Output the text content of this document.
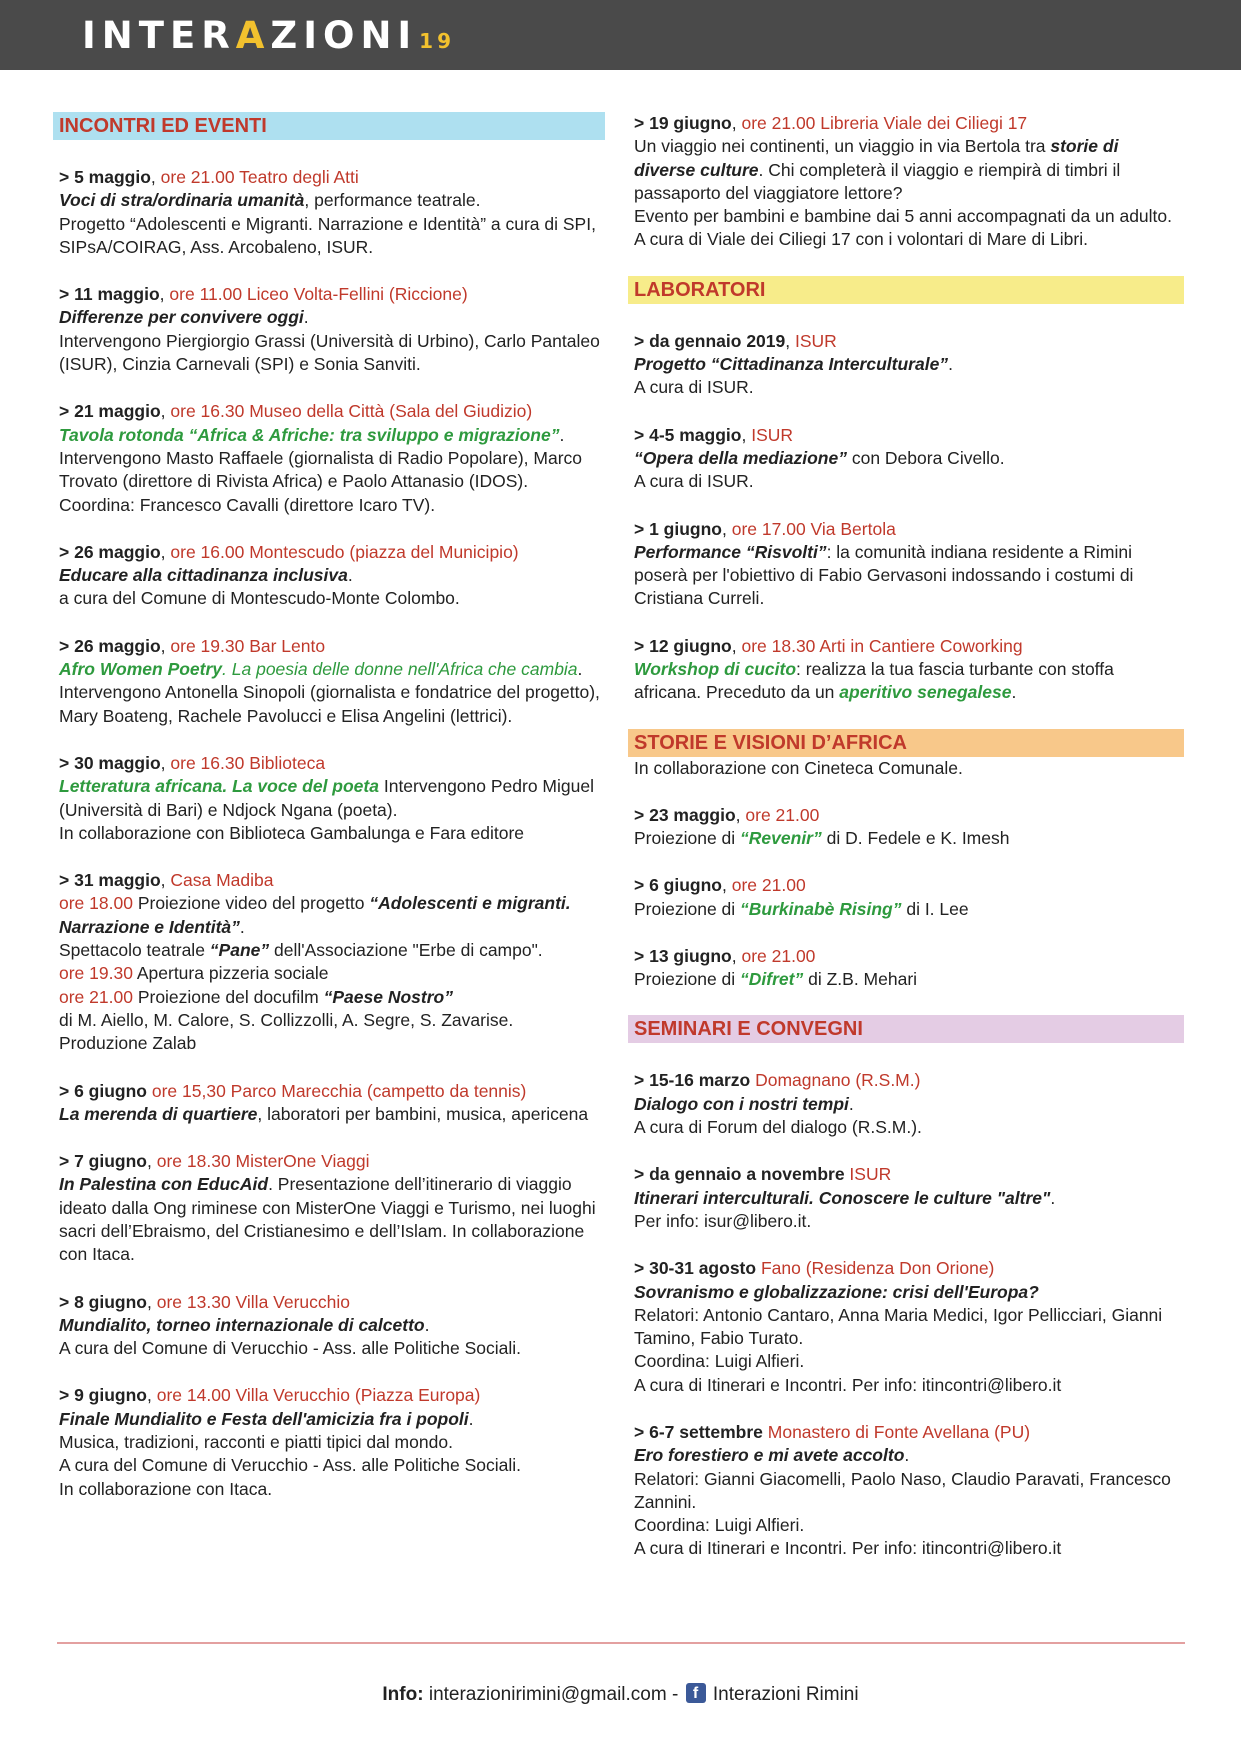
INTERAZIONI 19
INCONTRI ED EVENTI

> 5 maggio, ore 21.00 Teatro degli Atti

Voci di stra/ordinaria umanità, performance teatrale.

Progetto “Adolescenti e Migranti. Narrazione e Identità” a cura di SPI, SIPsA/COIRAG, Ass. Arcobaleno, ISUR.

> 11 maggio, ore 11.00 Liceo Volta-Fellini (Riccione)

Differenze per convivere oggi.

Intervengono Piergiorgio Grassi (Università di Urbino), Carlo Pantaleo (ISUR), Cinzia Carnevali (SPI) e Sonia Sanviti.

> 21 maggio, ore 16.30 Museo della Città (Sala del Giudizio)

Tavola rotonda “Africa & Afriche: tra sviluppo e migrazione”. Intervengono Masto Raffaele (giornalista di Radio Popolare), Marco Trovato (direttore di Rivista Africa) e Paolo Attanasio (IDOS).

Coordina: Francesco Cavalli (direttore Icaro TV).

> 26 maggio, ore 16.00 Montescudo (piazza del Municipio)

Educare alla cittadinanza inclusiva.

a cura del Comune di Montescudo-Monte Colombo.

> 26 maggio, ore 19.30 Bar Lento

Afro Women Poetry. La poesia delle donne nell'Africa che cambia. Intervengono Antonella Sinopoli (giornalista e fondatrice del progetto), Mary Boateng, Rachele Pavolucci e Elisa Angelini (lettrici).

> 30 maggio, ore 16.30 Biblioteca

Letteratura africana. La voce del poeta Intervengono Pedro Miguel (Università di Bari) e Ndjock Ngana (poeta).

In collaborazione con Biblioteca Gambalunga e Fara editore

> 31 maggio, Casa Madiba

ore 18.00 Proiezione video del progetto “Adolescenti e migranti. Narrazione e Identità”.

Spettacolo teatrale “Pane” dell'Associazione "Erbe di campo".

ore 19.30 Apertura pizzeria sociale

ore 21.00 Proiezione del docufilm “Paese Nostro”

di M. Aiello, M. Calore, S. Collizzolli, A. Segre, S. Zavarise.

Produzione Zalab

> 6 giugno ore 15,30 Parco Marecchia (campetto da tennis)

La merenda di quartiere, laboratori per bambini, musica, apericena

> 7 giugno, ore 18.30 MisterOne Viaggi

In Palestina con EducAid. Presentazione dell’itinerario di viaggio ideato dalla Ong riminese con MisterOne Viaggi e Turismo, nei luoghi sacri dell’Ebraismo, del Cristianesimo e dell’Islam. In collaborazione con Itaca.

> 8 giugno, ore 13.30 Villa Verucchio

Mundialito, torneo internazionale di calcetto.

A cura del Comune di Verucchio - Ass. alle Politiche Sociali.

> 9 giugno, ore 14.00 Villa Verucchio (Piazza Europa)

Finale Mundialito e Festa dell'amicizia fra i popoli.

Musica, tradizioni, racconti e piatti tipici dal mondo.

A cura del Comune di Verucchio - Ass. alle Politiche Sociali.

In collaborazione con Itaca.

> 19 giugno, ore 21.00 Libreria Viale dei Ciliegi 17

Un viaggio nei continenti, un viaggio in via Bertola tra storie di diverse culture. Chi completerà il viaggio e riempirà di timbri il passaporto del viaggiatore lettore?

Evento per bambini e bambine dai 5 anni accompagnati da un adulto. A cura di Viale dei Ciliegi 17 con i volontari di Mare di Libri.

LABORATORI

> da gennaio 2019, ISUR

Progetto “Cittadinanza Interculturale”.

A cura di ISUR.

> 4-5 maggio, ISUR

“Opera della mediazione” con Debora Civello.

A cura di ISUR.

> 1 giugno, ore 17.00 Via Bertola

Performance “Risvolti”: la comunità indiana residente a Rimini poserà per l'obiettivo di Fabio Gervasoni indossando i costumi di Cristiana Curreli.

> 12 giugno, ore 18.30 Arti in Cantiere Coworking

Workshop di cucito: realizza la tua fascia turbante con stoffa africana. Preceduto da un aperitivo senegalese.

STORIE E VISIONI D’AFRICA
In collaborazione con Cineteca Comunale.

> 23 maggio, ore 21.00

Proiezione di “Revenir” di D. Fedele e K. Imesh

> 6 giugno, ore 21.00

Proiezione di “Burkinabè Rising” di I. Lee

> 13 giugno, ore 21.00

Proiezione di “Difret” di Z.B. Mehari

SEMINARI E CONVEGNI

> 15-16 marzo Domagnano (R.S.M.)

Dialogo con i nostri tempi.

A cura di Forum del dialogo (R.S.M.).

> da gennaio a novembre ISUR

Itinerari interculturali. Conoscere le culture "altre".

Per info: isur@libero.it.

> 30-31 agosto Fano (Residenza Don Orione)

Sovranismo e globalizzazione: crisi dell'Europa?

Relatori: Antonio Cantaro, Anna Maria Medici, Igor Pellicciari, Gianni Tamino, Fabio Turato.

Coordina: Luigi Alfieri.

A cura di Itinerari e Incontri. Per info: itincontri@libero.it

> 6-7 settembre Monastero di Fonte Avellana (PU)

Ero forestiero e mi avete accolto.

Relatori: Gianni Giacomelli, Paolo Naso, Claudio Paravati, Francesco Zannini.

Coordina: Luigi Alfieri.

A cura di Itinerari e Incontri. Per info: itincontri@libero.it

Info: interazionirimini@gmail.com - f Interazioni Rimini
